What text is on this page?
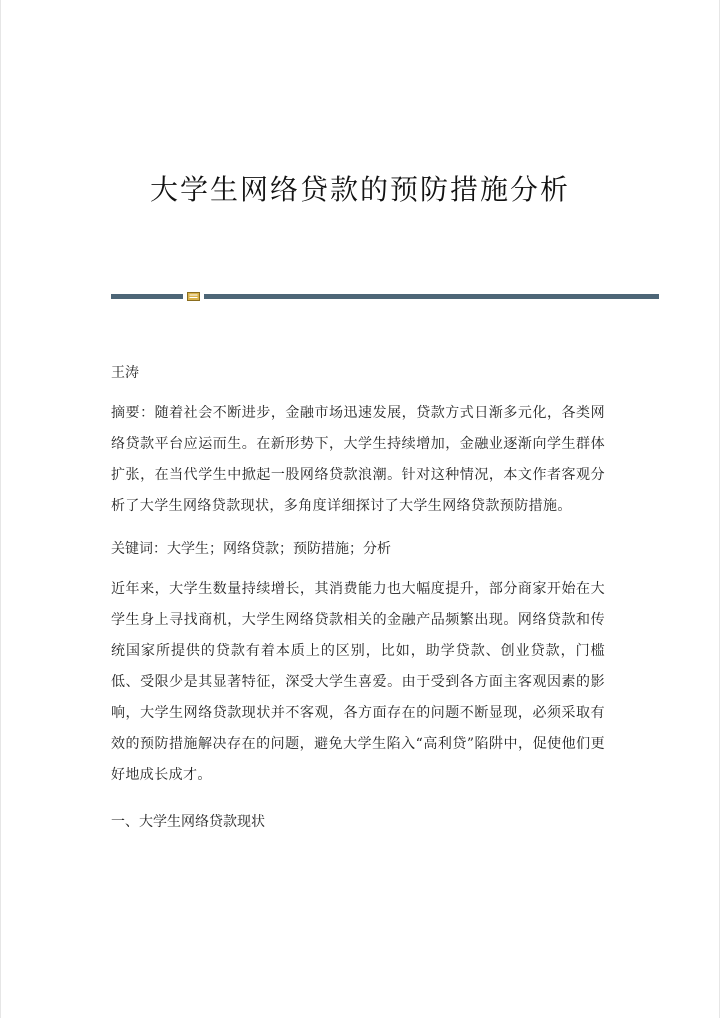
大学生网络贷款的预防措施分析

王涛

摘要：随着社会不断进步，金融市场迅速发展，贷款方式日渐多元化，各类网络贷款平台应运而生。在新形势下，大学生持续增加，金融业逐渐向学生群体扩张，在当代学生中掀起一股网络贷款浪潮。针对这种情况，本文作者客观分析了大学生网络贷款现状，多角度详细探讨了大学生网络贷款预防措施。

关键词：大学生；网络贷款；预防措施；分析

近年来，大学生数量持续增长，其消费能力也大幅度提升，部分商家开始在大学生身上寻找商机，大学生网络贷款相关的金融产品频繁出现。网络贷款和传统国家所提供的贷款有着本质上的区别，比如，助学贷款、创业贷款，门槛低、受限少是其显著特征，深受大学生喜爱。由于受到各方面主客观因素的影响，大学生网络贷款现状并不客观，各方面存在的问题不断显现，必须采取有效的预防措施解决存在的问题，避免大学生陷入“高利贷”陷阱中，促使他们更好地成长成才。

一、大学生网络贷款现状
